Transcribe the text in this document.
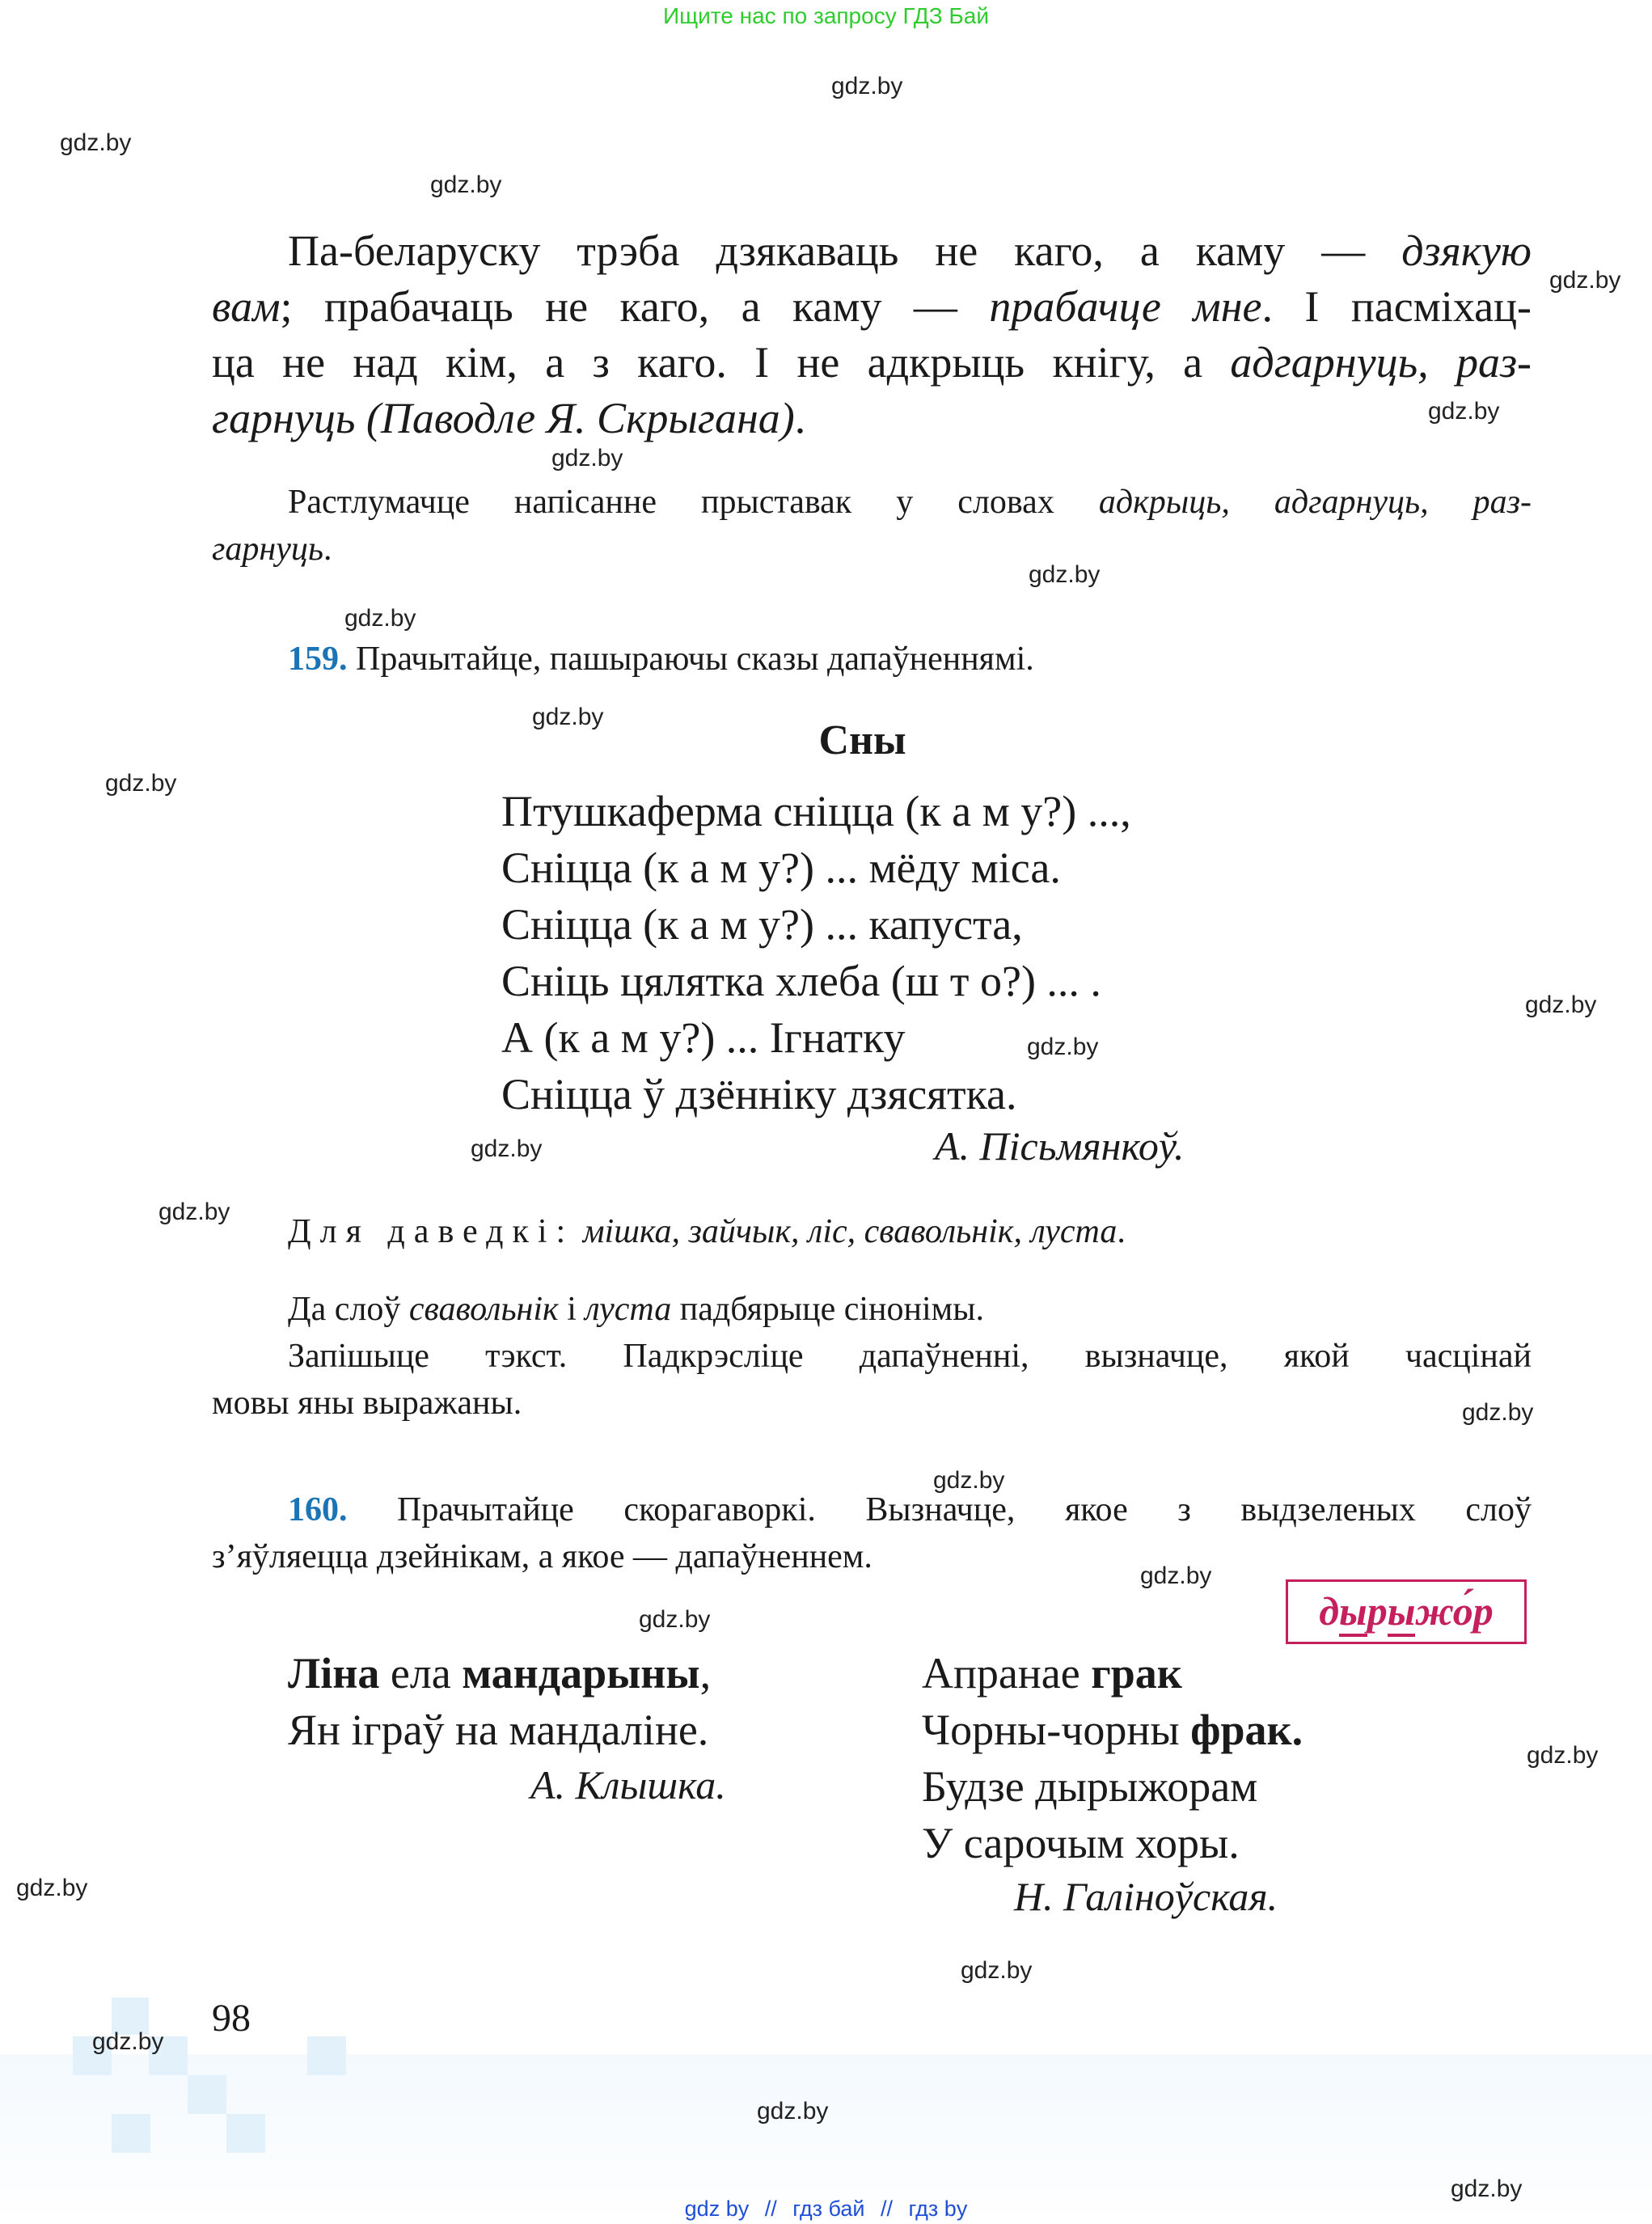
Ищите нас по запросу ГДЗ Бай
gdz.by
gdz.by
gdz.by
gdz.by
gdz.by
gdz.by
gdz.by
gdz.by
gdz.by
gdz.by
gdz.by
gdz.by
gdz.by
gdz.by
gdz.by
gdz.by
gdz.by
gdz.by
gdz.by
gdz.by
gdz.by
gdz.by
gdz.by
gdz.by
Па-беларуску трэба дзякаваць не каго, а каму — дзякую
вам; прабачаць не каго, а каму — прабачце мне. І пасміхац-
ца не над кім, а з каго. І не адкрыць кнігу, а адгарнуць, раз-
гарнуць (Паводле Я. Скрыгана).
Растлумачце напісанне прыставак у словах адкрыць, адгарнуць, раз-
гарнуць.
159. Прачытайце, пашыраючы сказы дапаўненнямі.
Сны
Птушкаферма сніцца (к а м у?) ...,
Сніцца (к а м у?) ... мёду міса.
Сніцца (к а м у?) ... капуста,
Сніць цялятка хлеба (ш т о?) ... .
А (к а м у?) ... Ігнатку
Сніцца ў дзённіку дзясятка.
А. Пісьмянкоў.
Для даведкі: мішка, зайчык, ліс, свавольнік, луста.
Да слоў свавольнік і луста падбярыце сінонімы.
Запішыце тэкст. Падкрэсліце дапаўненні, вызначце, якой часцінай
мовы яны выражаны.
160. Прачытайце скорагаворкі. Вызначце, якое з выдзеленых слоў
з’яўляецца дзейнікам, а якое — дапаўненнем.
дырыжо́р
Ліна ела мандарыны,
Ян іграў на мандаліне.
А. Клышка.
Апранае грак
Чорны-чорны фрак.
Будзе дырыжорам
У сарочым хоры.
Н. Галіноўская.
98
gdz by // гдз бай // гдз by
